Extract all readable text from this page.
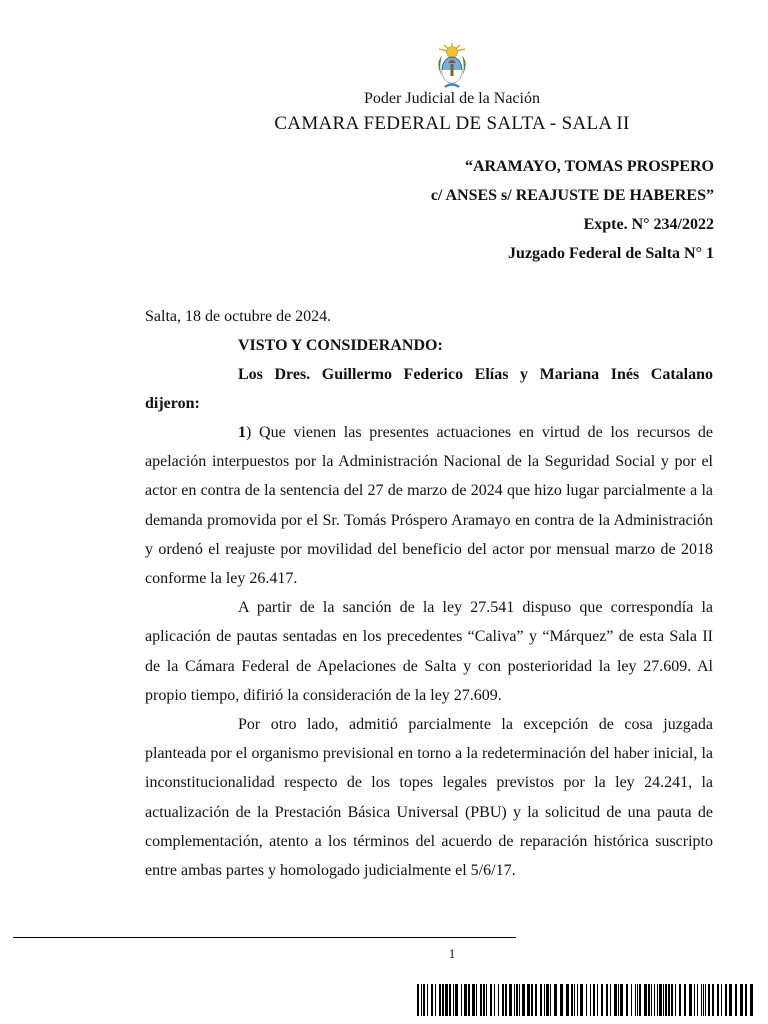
Poder Judicial de la Nación
CAMARA FEDERAL DE SALTA - SALA II
“ARAMAYO, TOMAS PROSPERO
c/ ANSES s/ REAJUSTE DE HABERES”
Expte. N° 234/2022
Juzgado Federal de Salta N° 1
Salta, 18 de octubre de 2024.
VISTO Y CONSIDERANDO:
Los Dres. Guillermo Federico Elías y Mariana Inés Catalano
dijeron:

1) Que vienen las presentes actuaciones en virtud de los recursos de apelación interpuestos por la Administración Nacional de la Seguridad Social y por el actor en contra de la sentencia del 27 de marzo de 2024 que hizo lugar parcialmente a la demanda promovida por el Sr. Tomás Próspero Aramayo en contra de la Administración y ordenó el reajuste por movilidad del beneficio del actor por mensual marzo de 2018 conforme la ley 26.417.

A partir de la sanción de la ley 27.541 dispuso que correspondía la aplicación de pautas sentadas en los precedentes “Caliva” y “Márquez” de esta Sala II de la Cámara Federal de Apelaciones de Salta y con posterioridad la ley 27.609. Al propio tiempo, difirió la consideración de la ley 27.609.

Por otro lado, admitió parcialmente la excepción de cosa juzgada planteada por el organismo previsional en torno a la redeterminación del haber inicial, la inconstitucionalidad respecto de los topes legales previstos por la ley 24.241, la actualización de la Prestación Básica Universal (PBU) y la solicitud de una pauta de complementación, atento a los términos del acuerdo de reparación histórica suscripto entre ambas partes y homologado judicialmente el 5/6/17.

1
